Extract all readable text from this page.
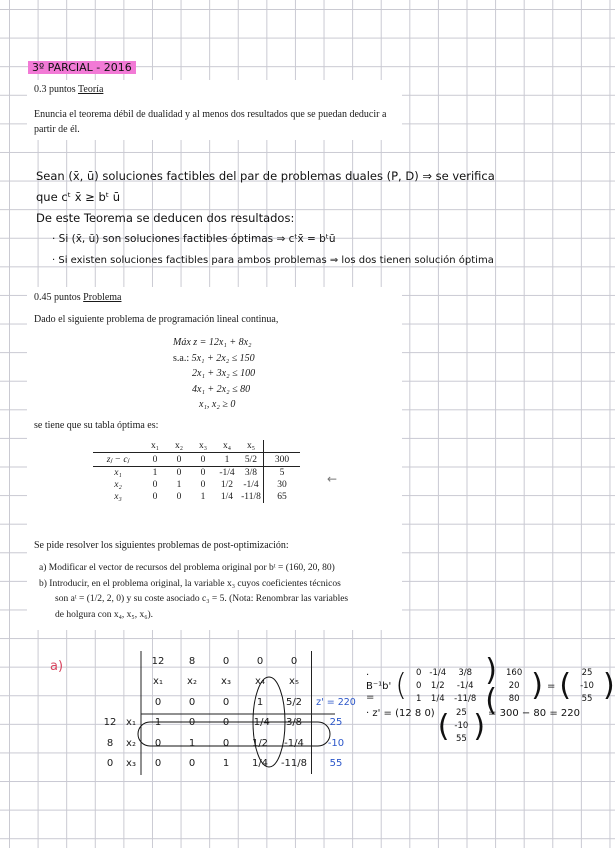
3º PARCIAL - 2016
0.3 puntos Teoría
Enuncia el teorema débil de dualidad y al menos dos resultados que se puedan deducir a
partir de él.
Sean (x̄, ū) soluciones factibles del par de problemas duales (P, D) ⇒ se verifica
que cᵗ x̄ ≥ bᵗ ū
De este Teorema se deducen dos resultados:
· Si (x̄, ū) son soluciones factibles óptimas ⇒ cᵗx̄ = bᵗū
· Si existen soluciones factibles para ambos problemas ⇒ los dos tienen solución óptima
0.45 puntos Problema
Dado el siguiente problema de programación lineal continua,
Máx z = 12x₁ + 8x₂
s.a.: 5x₁ + 2x₂ ≤ 150
2x₁ + 3x₂ ≤ 100
4x₁ + 2x₂ ≤ 80
x₁, x₂ ≥ 0
se tiene que su tabla óptima es:
	x₁	x₂	x₃	x₄	x₅	
zⱼ − cⱼ	0	0	0	1	5/2	300
x₁	1	0	0	-1/4	3/8	5
x₂	0	1	0	1/2	-1/4	30
x₃	0	0	1	1/4	-11/8	65
Se pide resolver los siguientes problemas de post-optimización:
a) Modificar el vector de recursos del problema original por bᵗ = (160, 20, 80)
b) Introducir, en el problema original, la variable x₃ cuyos coeficientes técnicos
son aᵗ = (1/2, 2, 0) y su coste asociado c₃ = 5. (Nota: Renombrar las variables
de holgura con x₄, x₅, x₆).
←
a)
			12	8	0	0	0	
		x₁	x₂	x₃	x₄	x₅	
		0	0	0	1	5/2	z' = 220
12	x₁	1	0	0	-1/4	3/8	25
8	x₂	0	1	0	1/2	-1/4	-10
0	x₃	0	0	1	1/4	-11/8	55
· B⁻¹b' = ( 0	-1/4	3/8
0	1/2	-1/4
1	1/4	-11/8
)(
160
20
80 ) = ( 25
-10
55 )
· z' = (12 8 0) ( 25
-10
55 ) = 300 − 80 = 220
